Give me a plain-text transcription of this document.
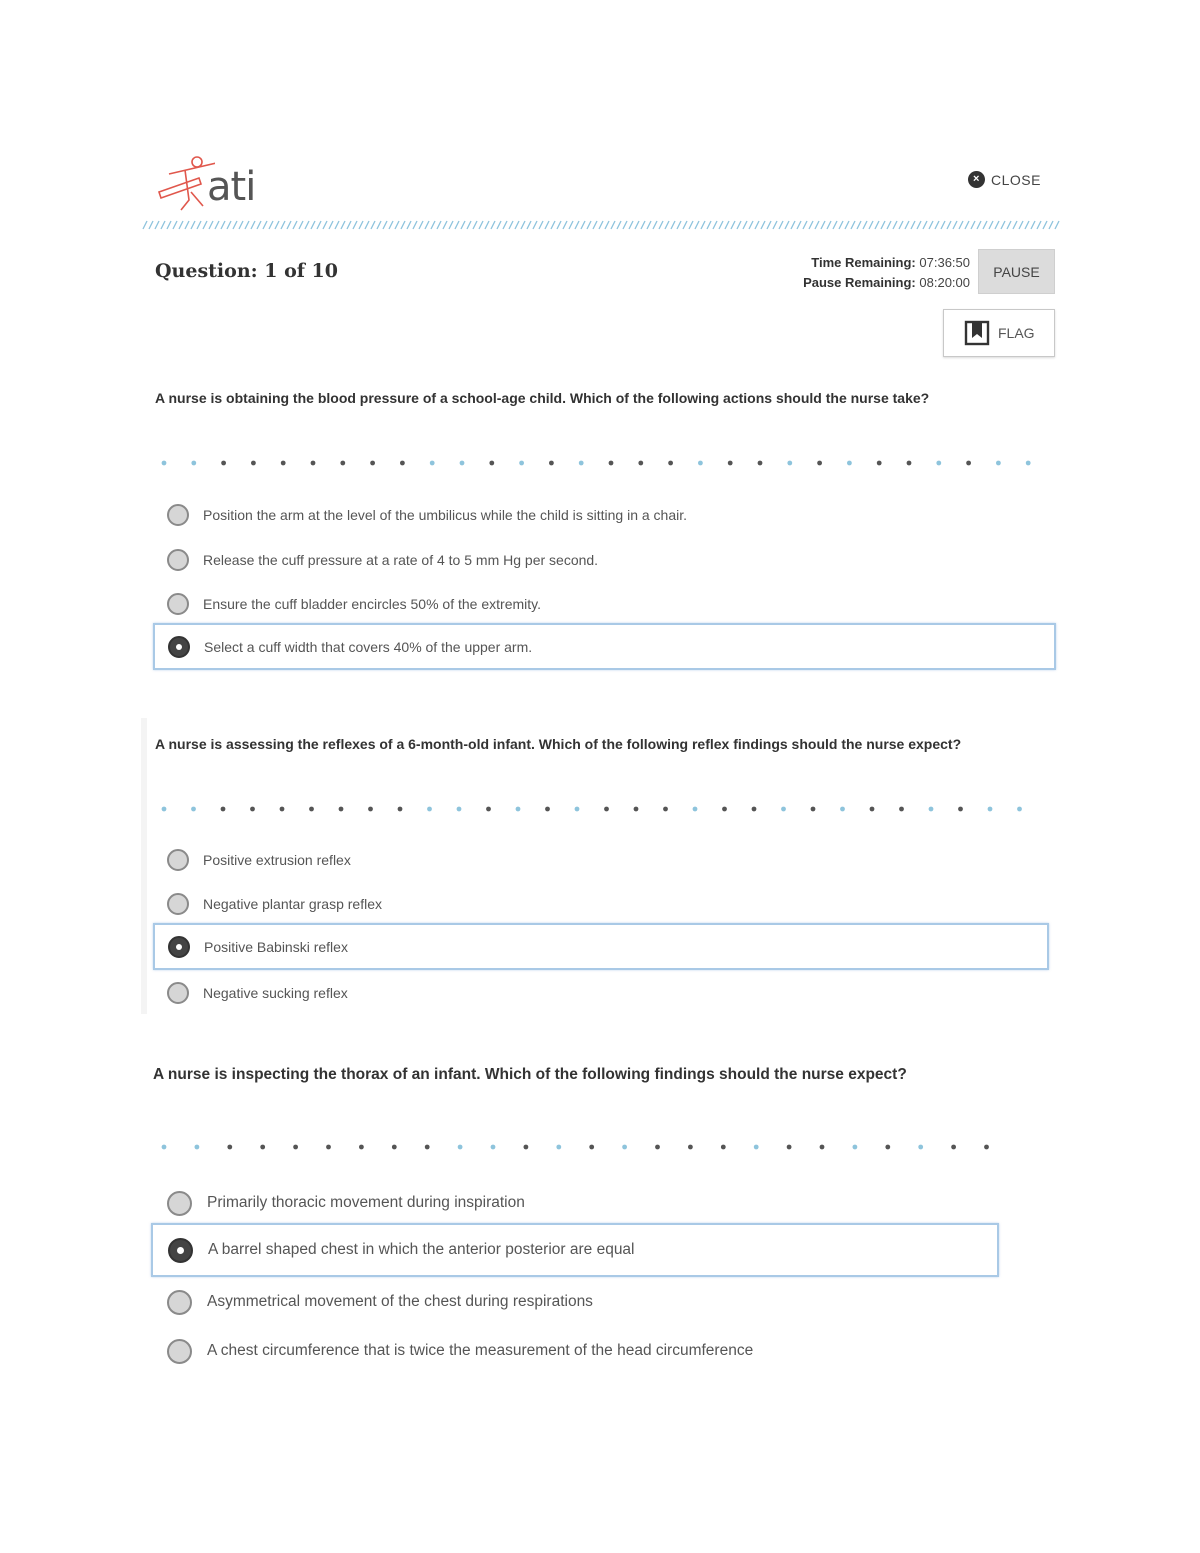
ati	× CLOSE
Question: 1 of 10	Time Remaining: 07:36:50
Pause Remaining: 08:20:00
PAUSE
FLAG
A nurse is obtaining the blood pressure of a school-age child. Which of the following actions should the nurse take?
Position the arm at the level of the umbilicus while the child is sitting in a chair.
Release the cuff pressure at a rate of 4 to 5 mm Hg per second.
Ensure the cuff bladder encircles 50% of the extremity.
Select a cuff width that covers 40% of the upper arm.
A nurse is assessing the reflexes of a 6-month-old infant. Which of the following reflex findings should the nurse expect?
Positive extrusion reflex
Negative plantar grasp reflex
Positive Babinski reflex
Negative sucking reflex
A nurse is inspecting the thorax of an infant. Which of the following findings should the nurse expect?
Primarily thoracic movement during inspiration
A barrel shaped chest in which the anterior posterior are equal
Asymmetrical movement of the chest during respirations
A chest circumference that is twice the measurement of the head circumference
